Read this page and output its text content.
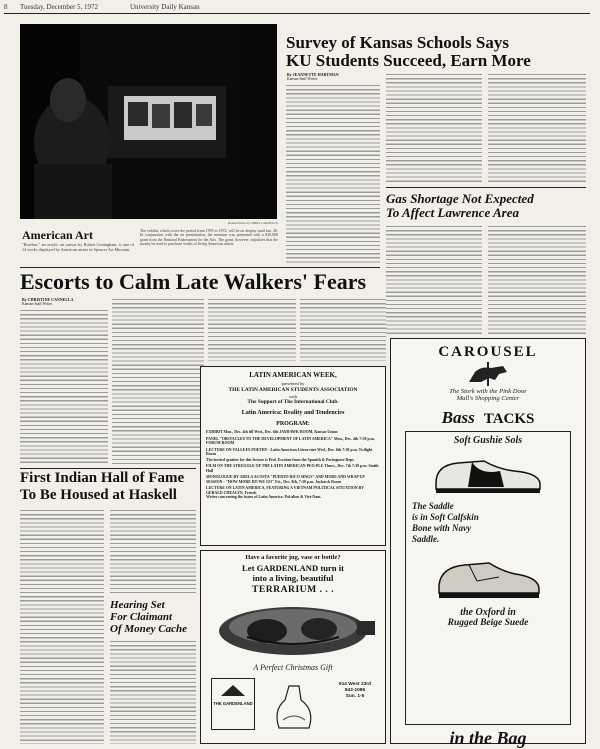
8 Tuesday, December 5, 1972	University Daily Kansan
Kansan Photo by CHRIS CARNELLA
American Art
"Bowbac," an acrylic on canvas by Robert Cottingham, is one of 14 works displayed by American artists in Spencer Art Museum.
The exhibit, which cover the period from 1959 to 1972, will be on display until Jan. 28. In conjunction with the art presentation, the museum was presented with a $10,000 grant from the National Endowment for the Arts. The grant, however, stipulates that the money be used to purchase works of living American artists.
Survey of Kansas Schools Says
KU Students Succeed, Earn More
By JEANNETTE HARTMAN
Kansan Staff Writer
Gas Shortage Not Expected
To Affect Lawrence Area
Escorts to Calm Late Walkers' Fears
By CHRISTINE CANNELLA
Kansan Staff Writer
First Indian Hall of Fame
To Be Housed at Haskell
Hearing Set
For Claimant
Of Money Cache
LATIN AMERICAN WEEK,
presented by
THE LATIN AMERICAN STUDENTS ASSOCIATION
with
The Support of The International Club.
Latin America: Reality and Tendencies
PROGRAM:
EXHIBIT Mon., Dec. 4th till Wed., Dec. 6th JAYHAWK ROOM, Kansas Union
PANEL "OBSTACLES TO THE DEVELOPMENT OF LATIN AMERICA" Mon., Dec. 4th 7:30 p.m. FORUM ROOM
LECTURE ON VALLEJO POETRY - Latin American Litera-ture Wed., Dec. 6th 7:30 p.m. Twilight Room
The invited speaker for this lecture is Prof. Escobar from the Spanish & Portuguese Dept.
FILM ON THE STRUGGLE OF THE LATIN AMERICAN PEO-PLE Thurs., Dec. 7th 7:30 p.m. Smith Hall
MONOLOGUE BY ADELA ACOSTA "PUERTO RICO SINGS" AND MORE AND WRAP UP SESSION - "HOW MORE DO WE GO" Fri., Dec. 8th, 7:30 p.m. Jayhawk Room
LECTURE ON LATIN AMERICA, FEATURING A VIETNAM POLITICAL SITUATION BY GERALD CHEALYN, French
Writer concerning the issues of Latin America. Pal-aline & Viet-Nam.
Have a favorite jug, vase or bottle?
Let GARDENLAND turn it
into a living, beautiful
TERRARIUM . . .
A Perfect Christmas Gift
THE GARDENLAND
914 West 23rd
842-1086
Sun. 1-5
CAROUSEL
The Stork with the Pink Door
Mall's Shopping Center
Bass TACKS
Soft Gushie Sols
The Saddle
is in Soft Calfskin
Bone with Navy
Saddle.
the Oxford in
Rugged Beige Suede
in the Bag
